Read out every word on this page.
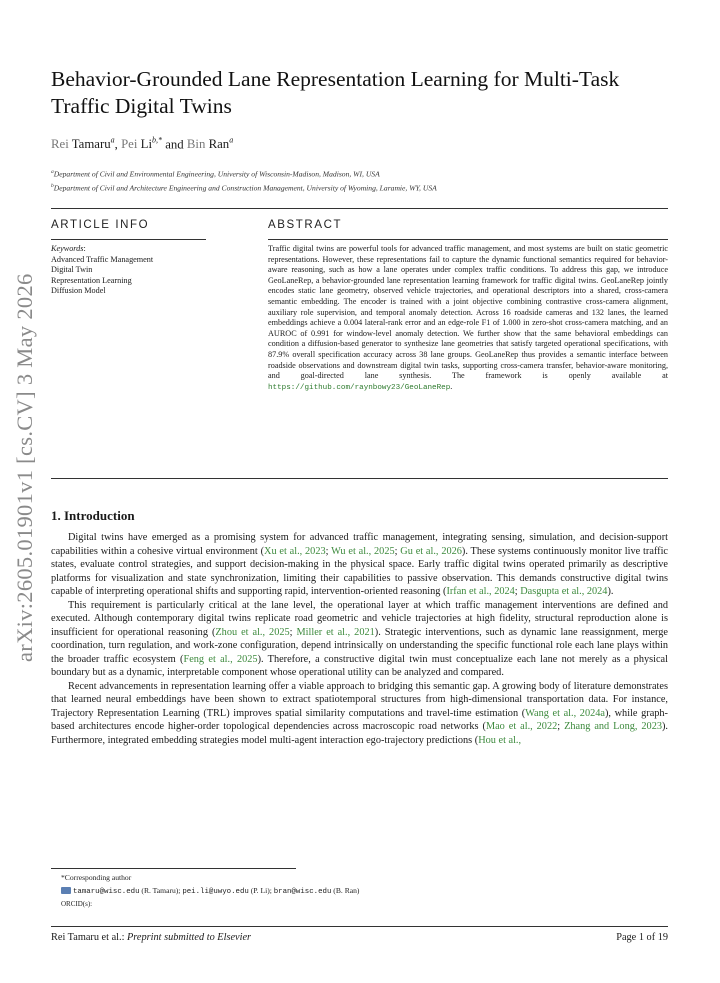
arXiv:2605.01901v1 [cs.CV] 3 May 2026
Behavior-Grounded Lane Representation Learning for Multi-Task Traffic Digital Twins
Rei Tamaru$^a$, Pei $Li^{b,*}$ and Bin Ran$^a$
$^a$Department of Civil and Environmental Engineering, University of Wisconsin-Madison, Madison, WI, USA
$^b$Department of Civil and Architecture Engineering and Construction Management, University of Wyoming, Laramie, WY, USA
ARTICLE INFO	ABSTRACT
Keywords:
Advanced Traffic Management
Digital Twin
Representation Learning
Diffusion Model
Traffic digital twins are powerful tools for advanced traffic management, and most systems are built on static geometric representations. However, these representations fail to capture the dynamic functional semantics required for behavior-aware reasoning, such as how a lane operates under complex traffic conditions. To address this gap, we introduce GeoLaneRep, a behavior-grounded lane representation learning framework for traffic digital twins. GeoLaneRep jointly encodes static lane geometry, observed vehicle trajectories, and operational descriptors into a shared, cross-camera semantic embedding. The encoder is trained with a joint objective combining contrastive cross-camera alignment, auxiliary role supervision, and temporal anomaly detection. Across 16 roadside cameras and 132 lanes, the learned embeddings achieve a 0.004 lateral-rank error and an edge-role F1 of 1.000 in zero-shot cross-camera matching, and an AUROC of 0.991 for window-level anomaly detection. We further show that the same behavioral embeddings can condition a diffusion-based generator to synthesize lane geometries that satisfy targeted operational specifications, with 87.9% overall specification accuracy across 38 lane groups. GeoLaneRep thus provides a semantic interface between roadside observations and downstream digital twin tasks, supporting cross-camera transfer, behavior-aware monitoring, and goal-directed lane synthesis. The framework is openly available at https://github.com/raynbowy23/GeoLaneRep.
1. Introduction

Digital twins have emerged as a promising system for advanced traffic management, integrating sensing, simulation, and decision-support capabilities within a cohesive virtual environment (Xu et al., 2023; Wu et al., 2025; Gu et al., 2026). These systems continuously monitor live traffic states, evaluate control strategies, and support decision-making in the physical space. Early traffic digital twins operated primarily as descriptive platforms for visualization and state synchronization, limiting their capabilities to passive observation. This demands constructive digital twins capable of interpreting operational shifts and supporting rapid, intervention-oriented reasoning (Irfan et al., 2024; Dasgupta et al., 2024).

This requirement is particularly critical at the lane level, the operational layer at which traffic management interventions are defined and executed. Although contemporary digital twins replicate road geometric and vehicle trajectories at high fidelity, structural reproduction alone is insufficient for operational reasoning (Zhou et al., 2025; Miller et al., 2021). Strategic interventions, such as dynamic lane reassignment, merge coordination, turn regulation, and work-zone configuration, depend intrinsically on understanding the specific functional role each lane plays within the broader traffic ecosystem (Feng et al., 2025). Therefore, a constructive digital twin must conceptualize each lane not merely as a physical boundary but as a dynamic, interpretable component whose operational utility can be analyzed and compared.

Recent advancements in representation learning offer a viable approach to bridging this semantic gap. A growing body of literature demonstrates that learned neural embeddings have been shown to extract spatiotemporal structures from high-dimensional transportation data. For instance, Trajectory Representation Learning (TRL) improves spatial similarity computations and travel-time estimation (Wang et al., 2024a), while graph-based architectures encode higher-order topological dependencies across macroscopic road networks (Mao et al., 2022; Zhang and Long, 2023). Furthermore, integrated embedding strategies model multi-agent interaction ego-trajectory predictions (Hou et al.,

*Corresponding author
tamaru@wisc.edu (R. Tamaru); pei.li@uwyo.edu (P. Li); bran@wisc.edu (B. Ran)
ORCID(s):
Rei Tamaru et al.: Preprint submitted to Elsevier	Page 1 of 19
